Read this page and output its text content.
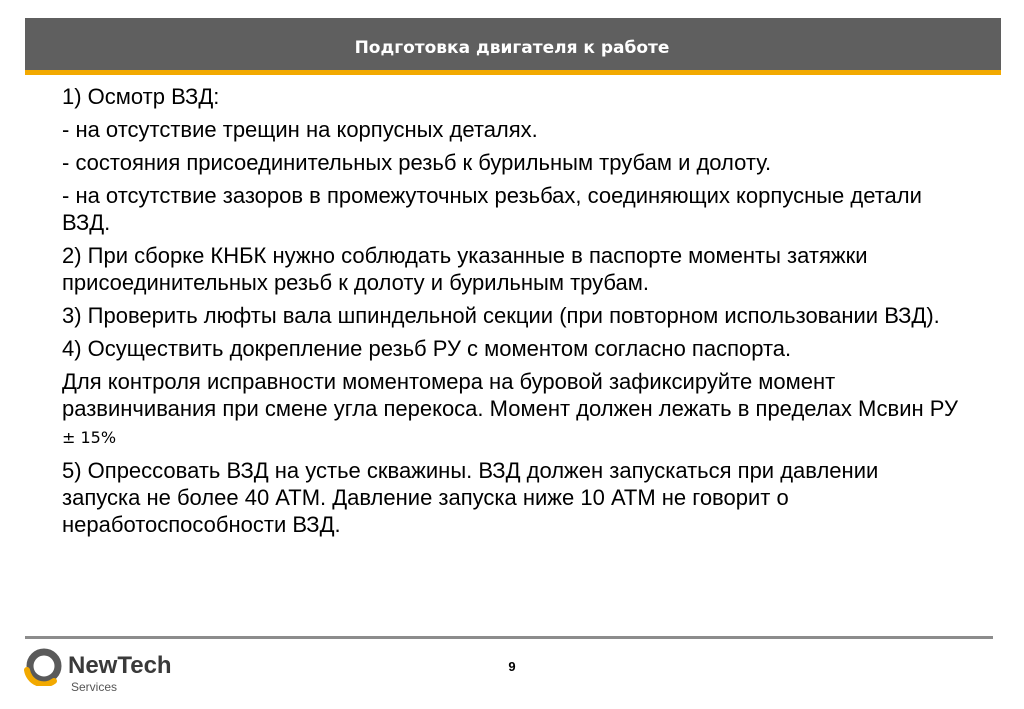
Подготовка двигателя к работе

1) Осмотр ВЗД:

- на отсутствие трещин на корпусных деталях.

- состояния присоединительных резьб к бурильным трубам и долоту.

- на отсутствие зазоров в промежуточных резьбах, соединяющих корпусные детали ВЗД.

2) При сборке КНБК нужно соблюдать указанные в паспорте моменты затяжки присоединительных резьб к долоту и бурильным трубам.

3) Проверить люфты вала шпиндельной секции (при повторном использовании ВЗД).

4) Осуществить докрепление резьб РУ с моментом согласно паспорта.

Для контроля исправности моментомера на буровой зафиксируйте момент развинчивания при смене угла перекоса. Момент должен лежать в пределах Мсвин РУ ± 15%

5) Опрессовать ВЗД на устье скважины. ВЗД должен запускаться при давлении запуска не более 40 АТМ. Давление запуска ниже 10 АТМ не говорит о неработоспособности ВЗД.

9
NewTech
Services
